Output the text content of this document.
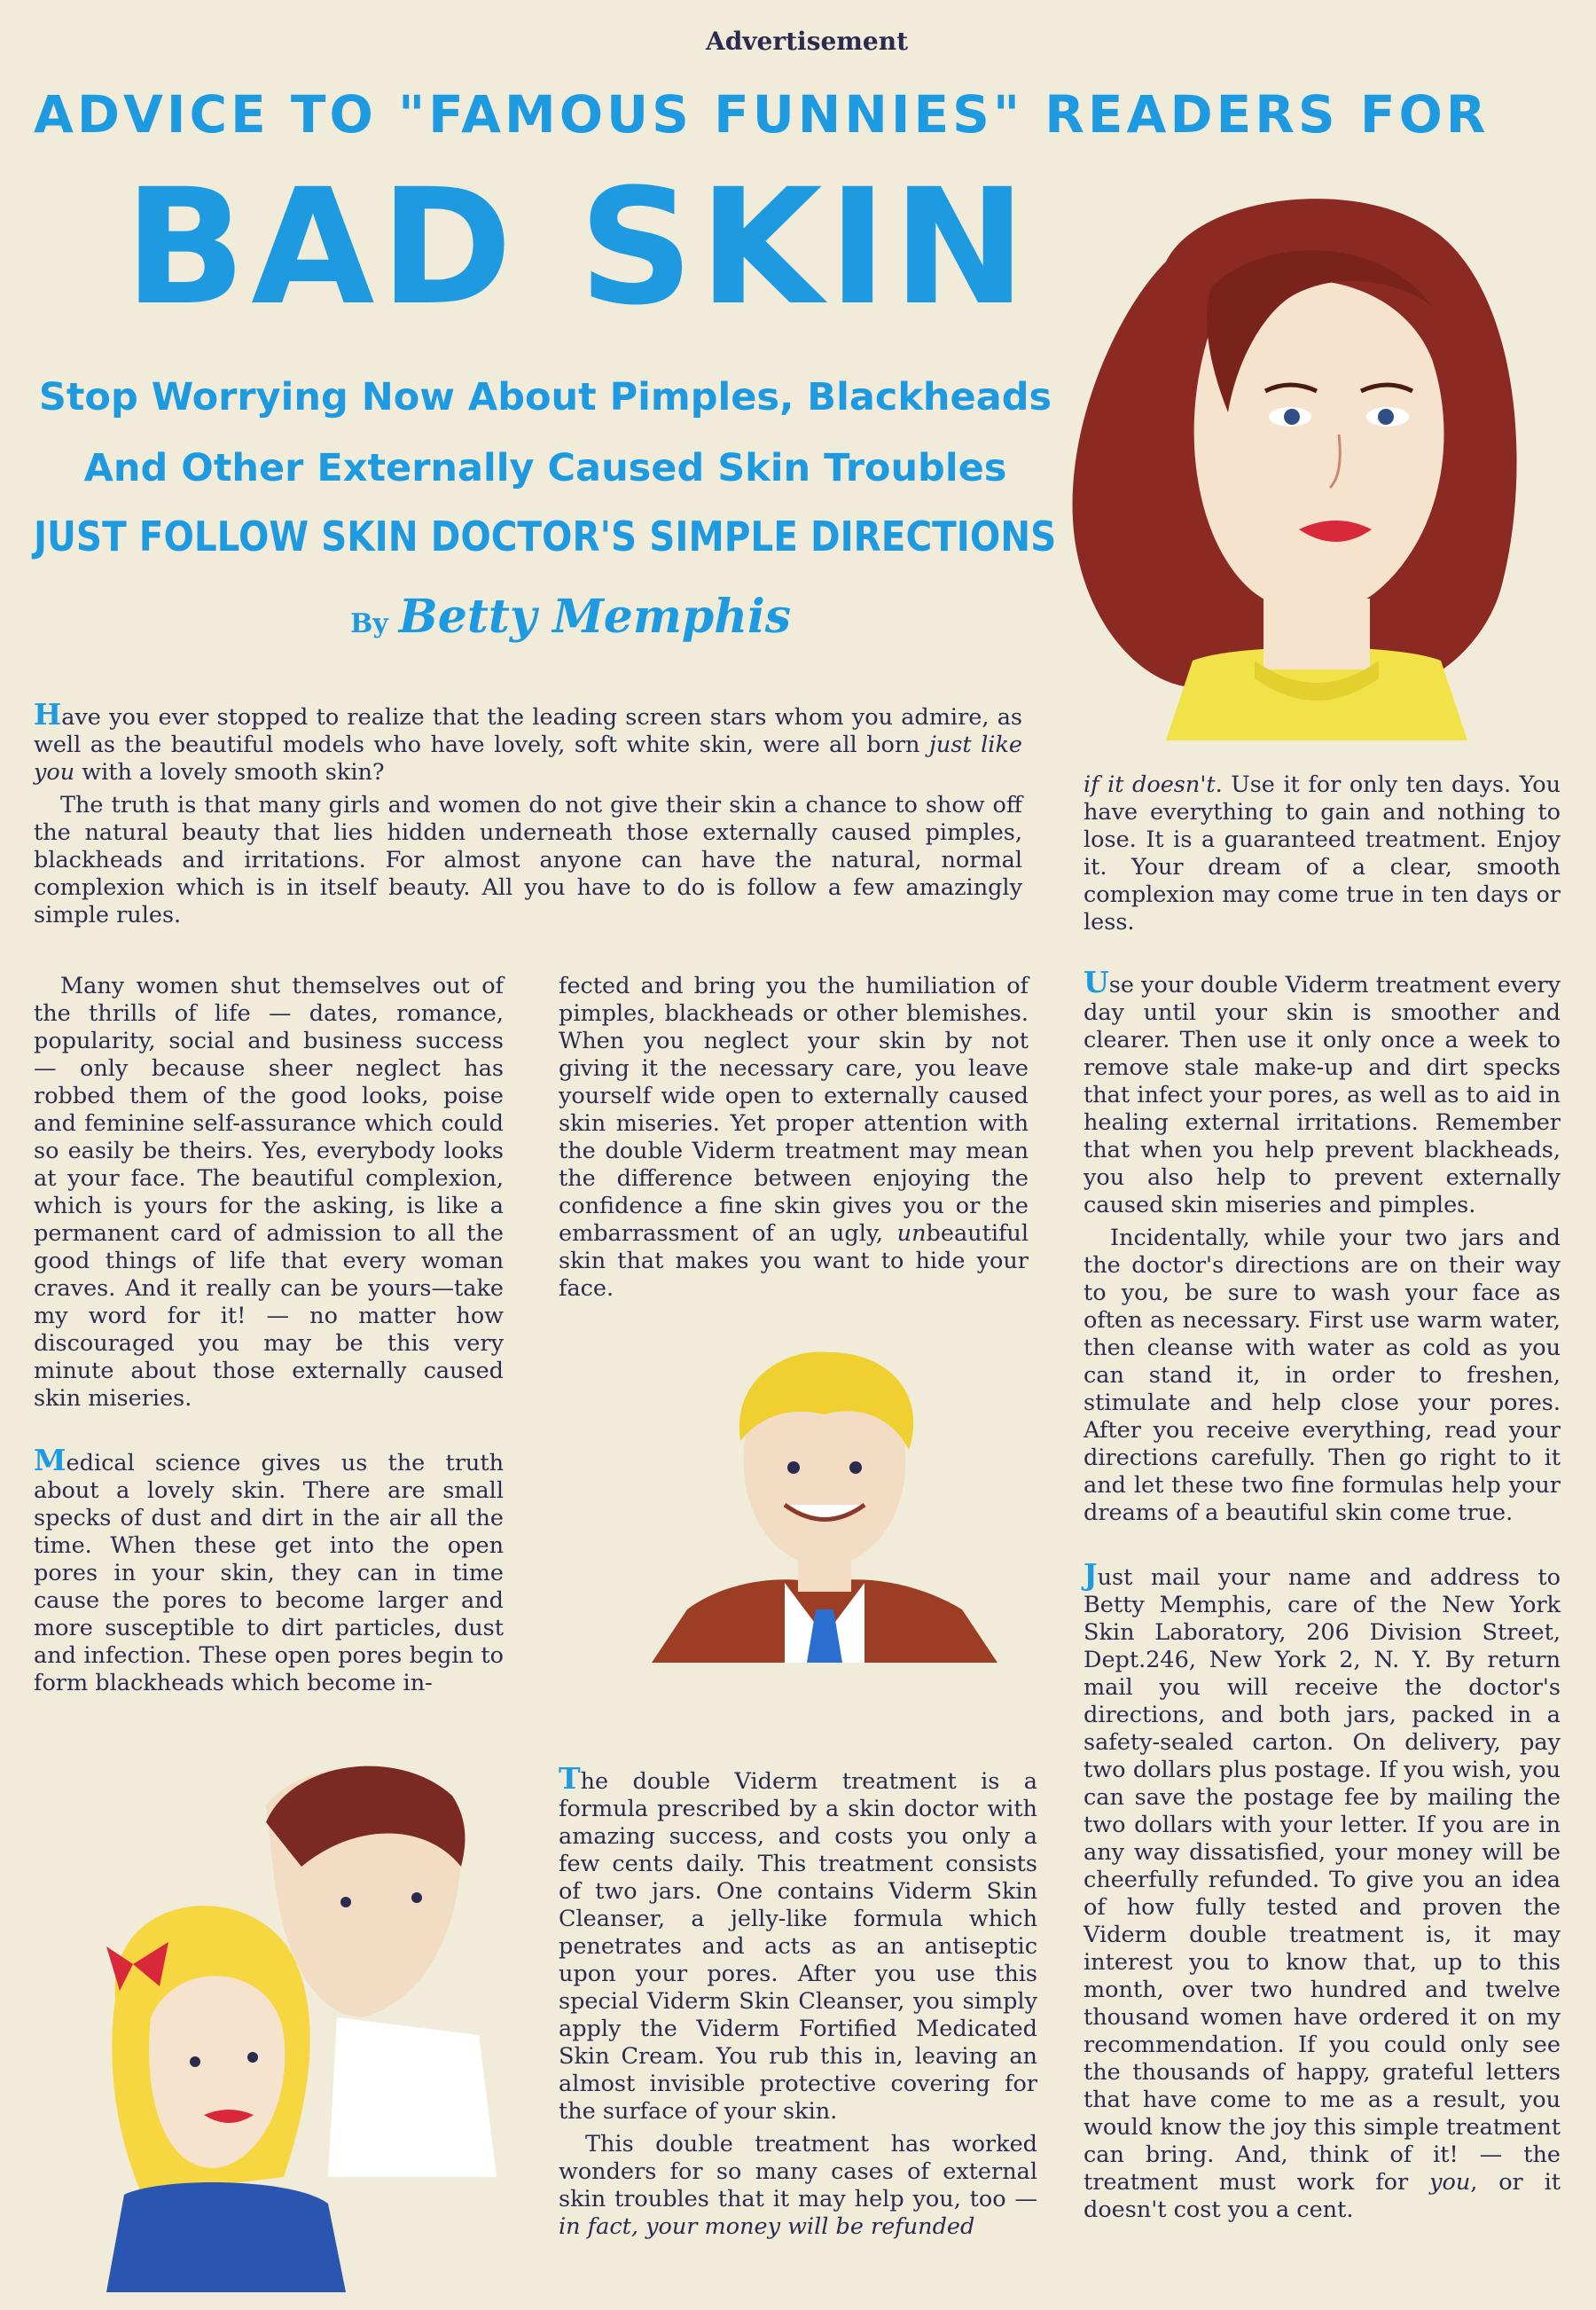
Advertisement
ADVICE TO "FAMOUS FUNNIES" READERS FOR
BAD SKIN
Stop Worrying Now About Pimples, Blackheads
And Other Externally Caused Skin Troubles
JUST FOLLOW SKIN DOCTOR'S SIMPLE DIRECTIONS
By Betty Memphis

Have you ever stopped to realize that the leading screen stars whom you admire, as well as the beautiful models who have lovely, soft white skin, were all born just like you with a lovely smooth skin?

The truth is that many girls and women do not give their skin a chance to show off the natural beauty that lies hidden underneath those externally caused pimples, blackheads and irritations. For almost anyone can have the natural, normal complexion which is in itself beauty. All you have to do is follow a few amazingly simple rules.

Many women shut themselves out of the thrills of life — dates, romance, popularity, social and business success — only because sheer neglect has robbed them of the good looks, poise and feminine self-assurance which could so easily be theirs. Yes, everybody looks at your face. The beautiful complexion, which is yours for the asking, is like a permanent card of admission to all the good things of life that every woman craves. And it really can be yours—take my word for it! — no matter how discouraged you may be this very minute about those externally caused skin miseries.

Medical science gives us the truth about a lovely skin. There are small specks of dust and dirt in the air all the time. When these get into the open pores in your skin, they can in time cause the pores to become larger and more susceptible to dirt particles, dust and infection. These open pores begin to form blackheads which become in-

fected and bring you the humiliation of pimples, blackheads or other blemishes. When you neglect your skin by not giving it the necessary care, you leave yourself wide open to externally caused skin miseries. Yet proper attention with the double Viderm treatment may mean the difference between enjoying the confidence a fine skin gives you or the embarrassment of an ugly, unbeautiful skin that makes you want to hide your face.

The double Viderm treatment is a formula prescribed by a skin doctor with amazing success, and costs you only a few cents daily. This treatment consists of two jars. One contains Viderm Skin Cleanser, a jelly-like formula which penetrates and acts as an antiseptic upon your pores. After you use this special Viderm Skin Cleanser, you simply apply the Viderm Fortified Medicated Skin Cream. You rub this in, leaving an almost invisible protective covering for the surface of your skin.

This double treatment has worked wonders for so many cases of external skin troubles that it may help you, too — in fact, your money will be refunded

if it doesn't. Use it for only ten days. You have everything to gain and nothing to lose. It is a guaranteed treatment. Enjoy it. Your dream of a clear, smooth complexion may come true in ten days or less.

Use your double Viderm treatment every day until your skin is smoother and clearer. Then use it only once a week to remove stale make-up and dirt specks that infect your pores, as well as to aid in healing external irritations. Remember that when you help prevent blackheads, you also help to prevent externally caused skin miseries and pimples.

Incidentally, while your two jars and the doctor's directions are on their way to you, be sure to wash your face as often as necessary. First use warm water, then cleanse with water as cold as you can stand it, in order to freshen, stimulate and help close your pores. After you receive everything, read your directions carefully. Then go right to it and let these two fine formulas help your dreams of a beautiful skin come true.

Just mail your name and address to Betty Memphis, care of the New York Skin Laboratory, 206 Division Street, Dept.246, New York 2, N. Y. By return mail you will receive the doctor's directions, and both jars, packed in a safety-sealed carton. On delivery, pay two dollars plus postage. If you wish, you can save the postage fee by mailing the two dollars with your letter. If you are in any way dissatisfied, your money will be cheerfully refunded. To give you an idea of how fully tested and proven the Viderm double treatment is, it may interest you to know that, up to this month, over two hundred and twelve thousand women have ordered it on my recommendation. If you could only see the thousands of happy, grateful letters that have come to me as a result, you would know the joy this simple treatment can bring. And, think of it! — the treatment must work for you, or it doesn't cost you a cent.
